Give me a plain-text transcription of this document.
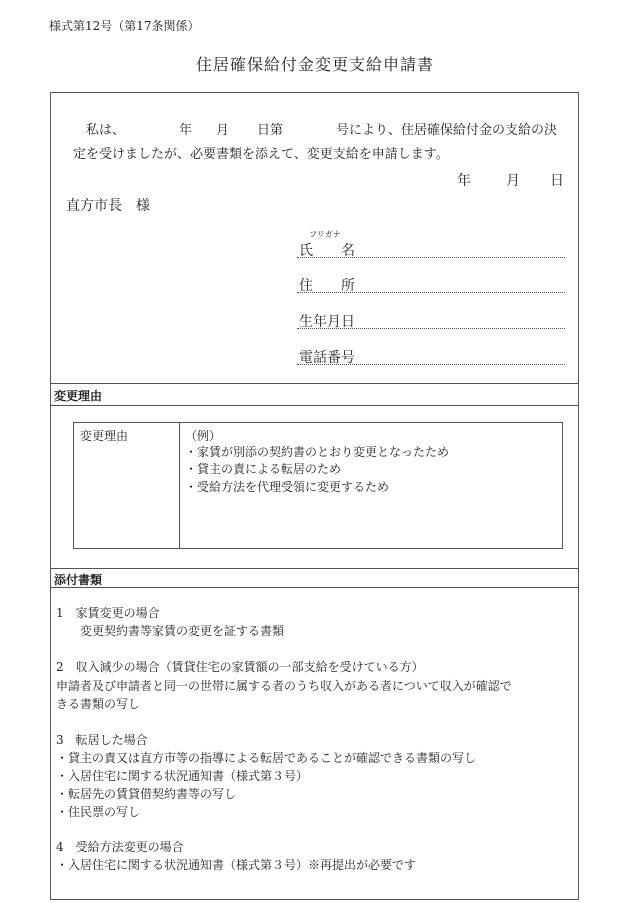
様式第12号（第17条関係）
住居確保給付金変更支給申請書
私は、	年 月 日第	号により、住居確保給付金の支給の決
定を受けましたが、必要書類を添えて、変更支給を申請します。
年	月 日
直方市長　様
フリガナ
氏　　名
住　　所
生年月日
電話番号
変更理由
変更理由	（例）
・家賃が別添の契約書のとおり変更となったため
・貸主の責による転居のため
・受給方法を代理受領に変更するため
添付書類
1　家賃変更の場合
　　変更契約書等家賃の変更を証する書類
2　収入減少の場合（賃貸住宅の家賃額の一部支給を受けている方）
申請者及び申請者と同一の世帯に属する者のうち収入がある者について収入が確認で
きる書類の写し
3　転居した場合
・貸主の責又は直方市等の指導による転居であることが確認できる書類の写し
・入居住宅に関する状況通知書（様式第３号）
・転居先の賃貸借契約書等の写し
・住民票の写し
4　受給方法変更の場合
・入居住宅に関する状況通知書（様式第３号）※再提出が必要です
